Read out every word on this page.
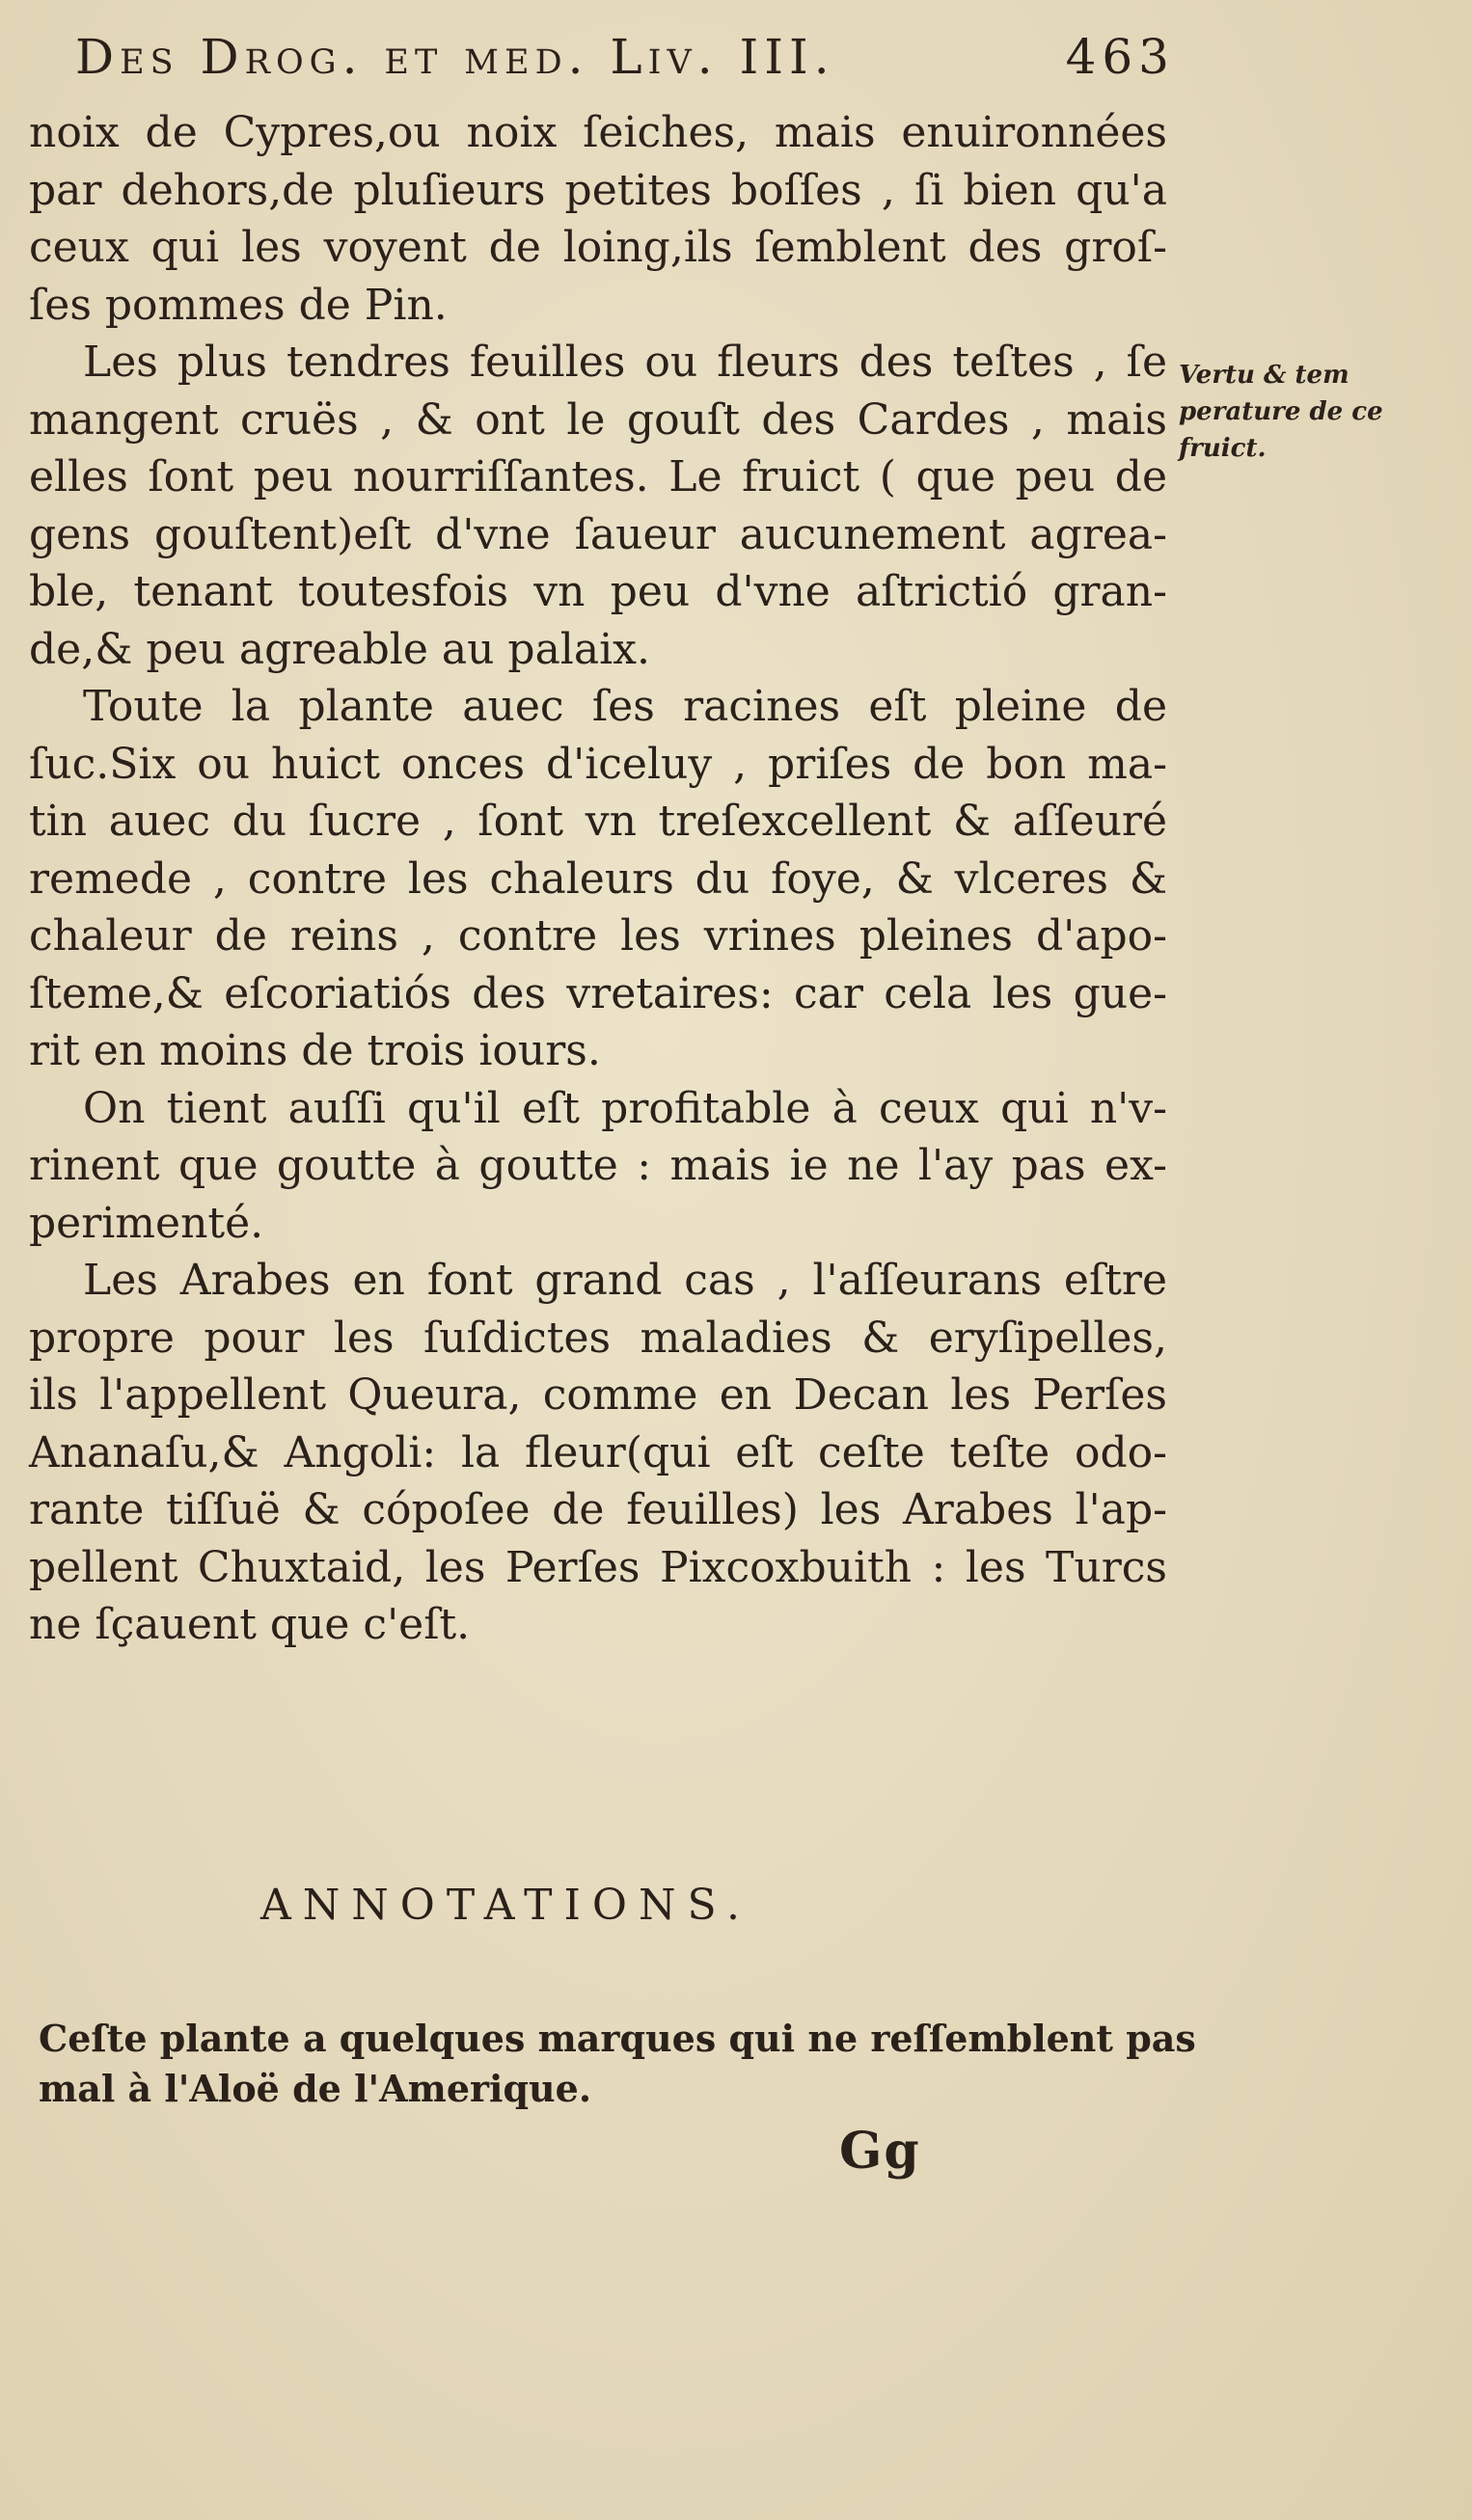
Des Drog. et med. Liv. III.	463
noix de Cypres,ou noix ſeiches, mais enuironnées
par dehors,de pluſieurs petites boſſes , ſi bien qu'a
ceux qui les voyent de loing,ils ſemblent des groſ-
ſes pommes de Pin.
Les plus tendres feuilles ou fleurs des teſtes , ſe
mangent cruës , & ont le gouſt des Cardes , mais
elles ſont peu nourriſſantes. Le fruict ( que peu de
gens gouſtent)eſt d'vne ſaueur aucunement agrea-
ble, tenant toutesfois vn peu d'vne aſtrictió gran-
de,& peu agreable au palaix.
Toute la plante auec ſes racines eſt pleine de
ſuc.Six ou huict onces d'iceluy , priſes de bon ma-
tin auec du ſucre , ſont vn treſexcellent & aſſeuré
remede , contre les chaleurs du foye, & vlceres &
chaleur de reins , contre les vrines pleines d'apo-
ſteme,& eſcoriatiós des vretaires: car cela les gue-
rit en moins de trois iours.
On tient auſſi qu'il eſt profitable à ceux qui n'v-
rinent que goutte à goutte : mais ie ne l'ay pas ex-
perimenté.
Les Arabes en font grand cas , l'aſſeurans eſtre
propre pour les ſuſdictes maladies & eryſipelles,
ils l'appellent Queura, comme en Decan les Perſes
Ananaſu,& Angoli: la fleur(qui eſt ceſte teſte odo-
rante tiſſuë & cópoſee de feuilles) les Arabes l'ap-
pellent Chuxtaid, les Perſes Pixcoxbuith : les Turcs
ne ſçauent que c'eſt.
Vertu & tem
perature de ce
fruict.
ANNOTATIONS.
Ceſte plante a quelques marques qui ne reſſemblent pas
mal à l'Aloë de l'Amerique.
Gg
